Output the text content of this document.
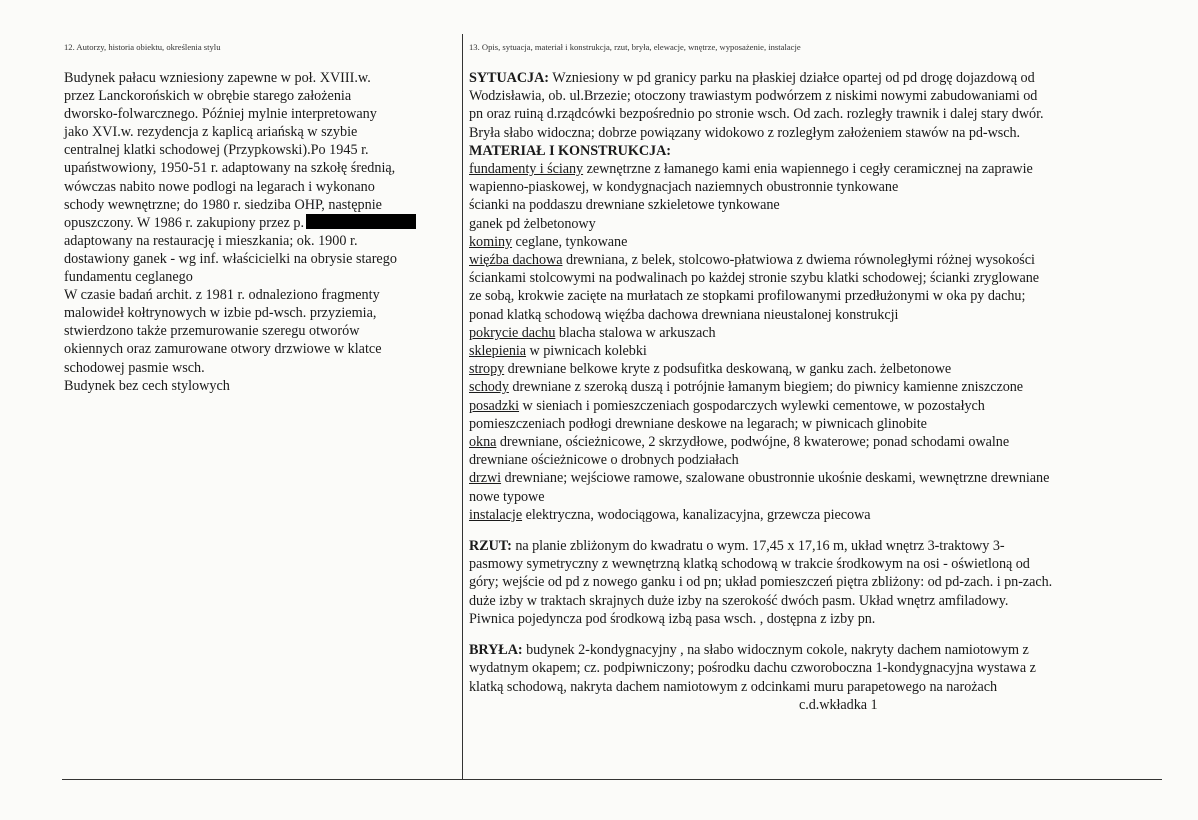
12. Autorzy, historia obiektu, określenia stylu
Budynek pałacu wzniesiony zapewne w poł. XVIII.w.
przez Lanckorońskich w obrębie starego założenia
dworsko-folwarcznego. Później mylnie interpretowany
jako XVI.w. rezydencja z kaplicą ariańską w szybie
centralnej klatki schodowej (Przypkowski).Po 1945 r.
upaństwowiony, 1950-51 r. adaptowany na szkołę średnią,
wówczas nabito nowe podlogi na legarach i wykonano
schody wewnętrzne; do 1980 r. siedziba OHP, następnie
opuszczony. W 1986 r. zakupiony przez p.
adaptowany na restaurację i mieszkania; ok. 1900 r.
dostawiony ganek - wg inf. właścicielki na obrysie starego
fundamentu ceglanego
W czasie badań archit. z 1981 r. odnaleziono fragmenty
malowideł kołtrynowych w izbie pd-wsch. przyziemia,
stwierdzono także przemurowanie szeregu otworów
okiennych oraz zamurowane otwory drzwiowe w klatce
schodowej pasmie wsch.
Budynek bez cech stylowych
13. Opis, sytuacja, materiał i konstrukcja, rzut, bryła, elewacje, wnętrze, wyposażenie, instalacje
SYTUACJA: Wzniesiony w pd granicy parku na płaskiej działce opartej od pd drogę dojazdową od
Wodzisławia, ob. ul.Brzezie; otoczony trawiastym podwórzem z niskimi nowymi zabudowaniami od
pn oraz ruiną d.rządcówki bezpośrednio po stronie wsch. Od zach. rozległy trawnik i dalej stary dwór.
Bryła słabo widoczna; dobrze powiązany widokowo z rozległym założeniem stawów na pd-wsch.
MATERIAŁ I KONSTRUKCJA:
fundamenty i ściany zewnętrzne z łamanego kami enia wapiennego i cegły ceramicznej na zaprawie
wapienno-piaskowej, w kondygnacjach naziemnych obustronnie tynkowane
ścianki na poddaszu drewniane szkieletowe tynkowane
ganek pd żelbetonowy
kominy ceglane, tynkowane
więźba dachowa drewniana, z belek, stolcowo-płatwiowa z dwiema równoległymi różnej wysokości
ściankami stolcowymi na podwalinach po każdej stronie szybu klatki schodowej; ścianki zryglowane
ze sobą, krokwie zacięte na murłatach ze stopkami profilowanymi przedłużonymi w oka py dachu;
ponad klatką schodową więźba dachowa drewniana nieustalonej konstrukcji
pokrycie dachu blacha stalowa w arkuszach
sklepienia w piwnicach kolebki
stropy drewniane belkowe kryte z podsufitka deskowaną, w ganku zach. żelbetonowe
schody drewniane z szeroką duszą i potrójnie łamanym biegiem; do piwnicy kamienne zniszczone
posadzki w sieniach i pomieszczeniach gospodarczych wylewki cementowe, w pozostałych
pomieszczeniach podłogi drewniane deskowe na legarach; w piwnicach glinobite
okna drewniane, ościeżnicowe, 2 skrzydłowe, podwójne, 8 kwaterowe; ponad schodami owalne
drewniane ościeżnicowe o drobnych podziałach
drzwi drewniane; wejściowe ramowe, szalowane obustronnie ukośnie deskami, wewnętrzne drewniane
nowe typowe
instalacje elektryczna, wodociągowa, kanalizacyjna, grzewcza piecowa
RZUT: na planie zbliżonym do kwadratu o wym. 17,45 x 17,16 m, układ wnętrz 3-traktowy 3-
pasmowy symetryczny z wewnętrzną klatką schodową w trakcie środkowym na osi - oświetloną od
góry; wejście od pd z nowego ganku i od pn; układ pomieszczeń piętra zbliżony: od pd-zach. i pn-zach.
duże izby w traktach skrajnych duże izby na szerokość dwóch pasm. Układ wnętrz amfiladowy.
Piwnica pojedyncza pod środkową izbą pasa wsch. , dostępna z izby pn.
BRYŁA: budynek 2-kondygnacyjny , na słabo widocznym cokole, nakryty dachem namiotowym z
wydatnym okapem; cz. podpiwniczony; pośrodku dachu czworoboczna 1-kondygnacyjna wystawa z
klatką schodową, nakryta dachem namiotowym z odcinkami muru parapetowego na narożach
c.d.wkładka 1
